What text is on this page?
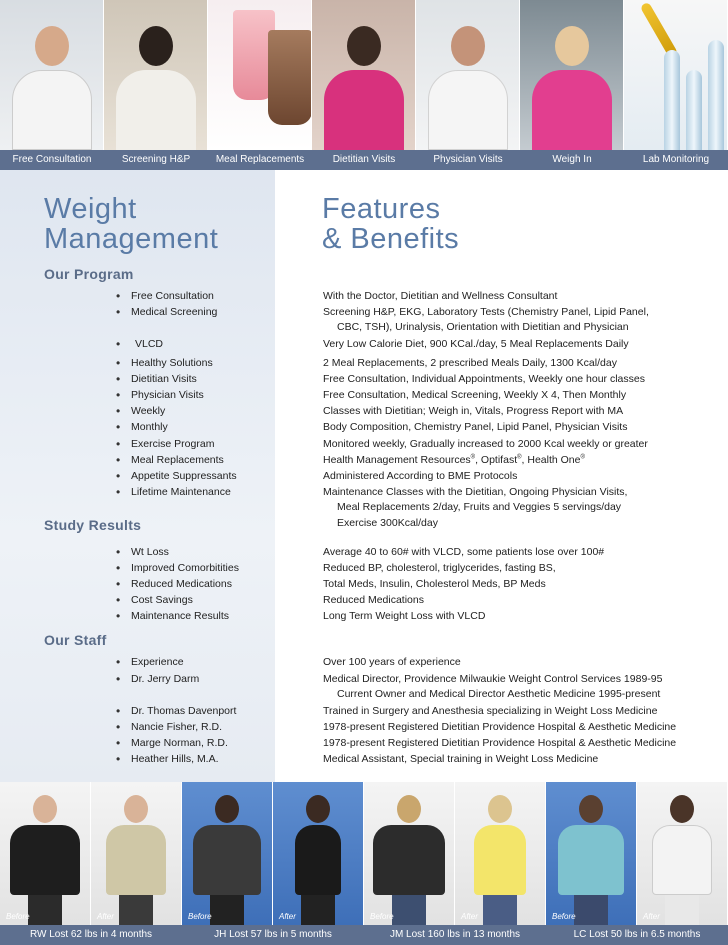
Free Consultation	Screening H&P	Meal Replacements	Dietitian Visits	Physician Visits	Weigh In	Lab Monitoring
Weight
Management
Features
& Benefits
Our Program
Study Results
Our Staff
• Free Consultation	With the Doctor, Dietitian and Wellness Consultant
• Medical Screening	Screening H&P, EKG, Laboratory Tests (Chemistry Panel, Lipid Panel,
CBC, TSH), Urinalysis, Orientation with Dietitian and Physician
• VLCD	Very Low Calorie Diet, 900 KCal./day, 5 Meal Replacements Daily
• Healthy Solutions	2 Meal Replacements, 2 prescribed Meals Daily, 1300 Kcal/day
• Dietitian Visits	Free Consultation, Individual Appointments, Weekly one hour classes
• Physician Visits	Free Consultation, Medical Screening, Weekly X 4, Then Monthly
• Weekly	Classes with Dietitian; Weigh in, Vitals, Progress Report with MA
• Monthly	Body Composition, Chemistry Panel, Lipid Panel, Physician Visits
• Exercise Program	Monitored weekly, Gradually increased to 2000 Kcal weekly or greater
• Meal Replacements	Health Management Resources®, Optifast®, Health One®
• Appetite Suppressants	Administered According to BME Protocols
• Lifetime Maintenance	Maintenance Classes with the Dietitian, Ongoing Physician Visits,
Meal Replacements 2/day, Fruits and Veggies 5 servings/day
Exercise 300Kcal/day
• Wt Loss	Average 40 to 60# with VLCD, some patients lose over 100#
• Improved Comorbitities	Reduced BP, cholesterol, triglycerides, fasting BS,
• Reduced Medications	Total Meds, Insulin, Cholesterol Meds, BP Meds
• Cost Savings	Reduced Medications
• Maintenance Results	Long Term Weight Loss with VLCD
• Experience	Over 100 years of experience
• Dr. Jerry Darm	Medical Director, Providence Milwaukie Weight Control Services 1989-95
Current Owner and Medical Director Aesthetic Medicine 1995-present
• Dr. Thomas Davenport	Trained in Surgery and Anesthesia specializing in Weight Loss Medicine
• Nancie Fisher, R.D.	1978-present Registered Dietitian Providence Hospital & Aesthetic Medicine
• Marge Norman, R.D.	1978-present Registered Dietitian Providence Hospital & Aesthetic Medicine
• Heather Hills, M.A.	Medical Assistant, Special training in Weight Loss Medicine
Before	After	Before	After	Before	After	Before	After
RW Lost 62 lbs in 4 months	JH Lost 57 lbs in 5 months	JM Lost 160 lbs in 13 months	LC Lost 50 lbs in 6.5 months
